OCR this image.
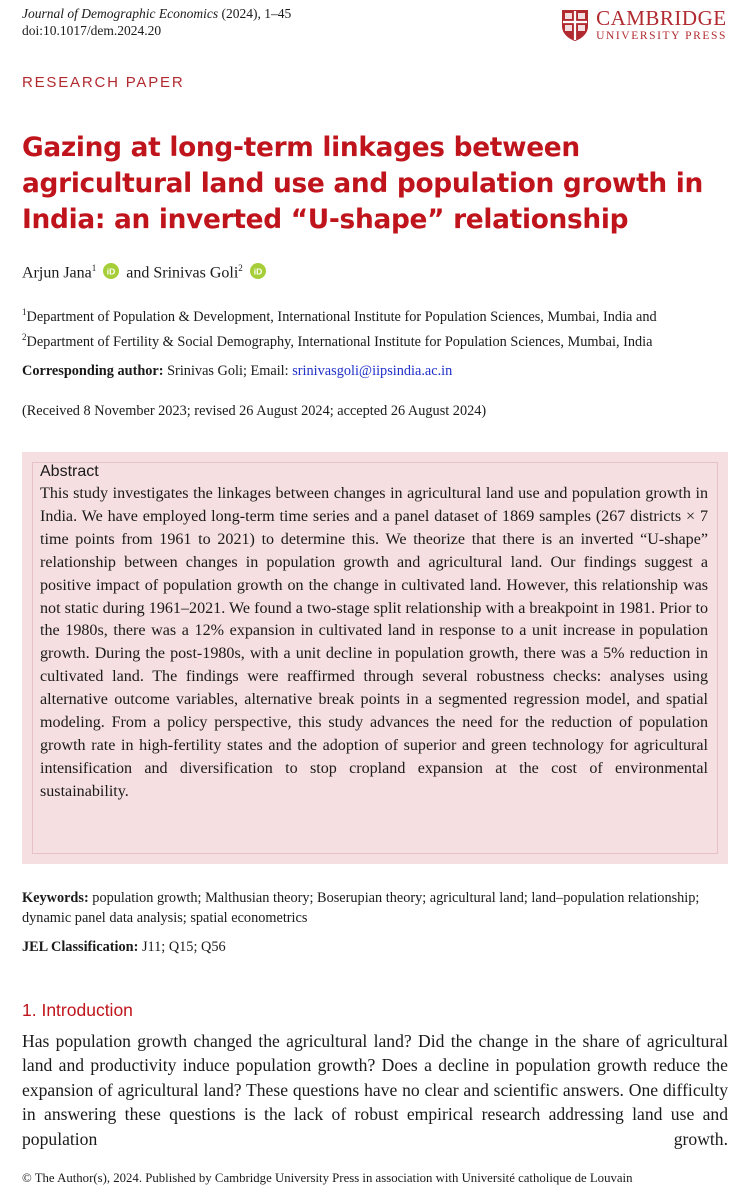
Journal of Demographic Economics (2024), 1–45
doi:10.1017/dem.2024.20
CAMBRIDGE
UNIVERSITY PRESS
RESEARCH PAPER
Gazing at long-term linkages between agricultural land use and population growth in India: an inverted “U-shape” relationship
Arjun Jana$^1$ iD and Srinivas Goli$^2$ iD
$^1$Department of Population & Development, International Institute for Population Sciences, Mumbai, India and $^2$Department of Fertility & Social Demography, International Institute for Population Sciences, Mumbai, India
Corresponding author: Srinivas Goli; Email: srinivasgoli@iipsindia.ac.in
(Received 8 November 2023; revised 26 August 2024; accepted 26 August 2024)
Abstract
This study investigates the linkages between changes in agricultural land use and population growth in India. We have employed long-term time series and a panel dataset of 1869 samples (267 districts × 7 time points from 1961 to 2021) to determine this. We theorize that there is an inverted “U-shape” relationship between changes in population growth and agricultural land. Our findings suggest a positive impact of population growth on the change in cultivated land. However, this relationship was not static during 1961–2021. We found a two-stage split relationship with a breakpoint in 1981. Prior to the 1980s, there was a 12% expansion in cultivated land in response to a unit increase in population growth. During the post-1980s, with a unit decline in population growth, there was a 5% reduction in cultivated land. The findings were reaffirmed through several robustness checks: analyses using alternative outcome variables, alternative break points in a segmented regression model, and spatial modeling. From a policy perspective, this study advances the need for the reduction of population growth rate in high-fertility states and the adoption of superior and green technology for agricultural intensification and diversification to stop cropland expansion at the cost of environmental sustainability.
Keywords: population growth; Malthusian theory; Boserupian theory; agricultural land; land–population relationship; dynamic panel data analysis; spatial econometrics
JEL Classification: J11; Q15; Q56
1. Introduction
Has population growth changed the agricultural land? Did the change in the share of agricultural land and productivity induce population growth? Does a decline in population growth reduce the expansion of agricultural land? These questions have no clear and scientific answers. One difficulty in answering these questions is the lack of robust empirical research addressing land use and population growth.
© The Author(s), 2024. Published by Cambridge University Press in association with Université catholique de Louvain
